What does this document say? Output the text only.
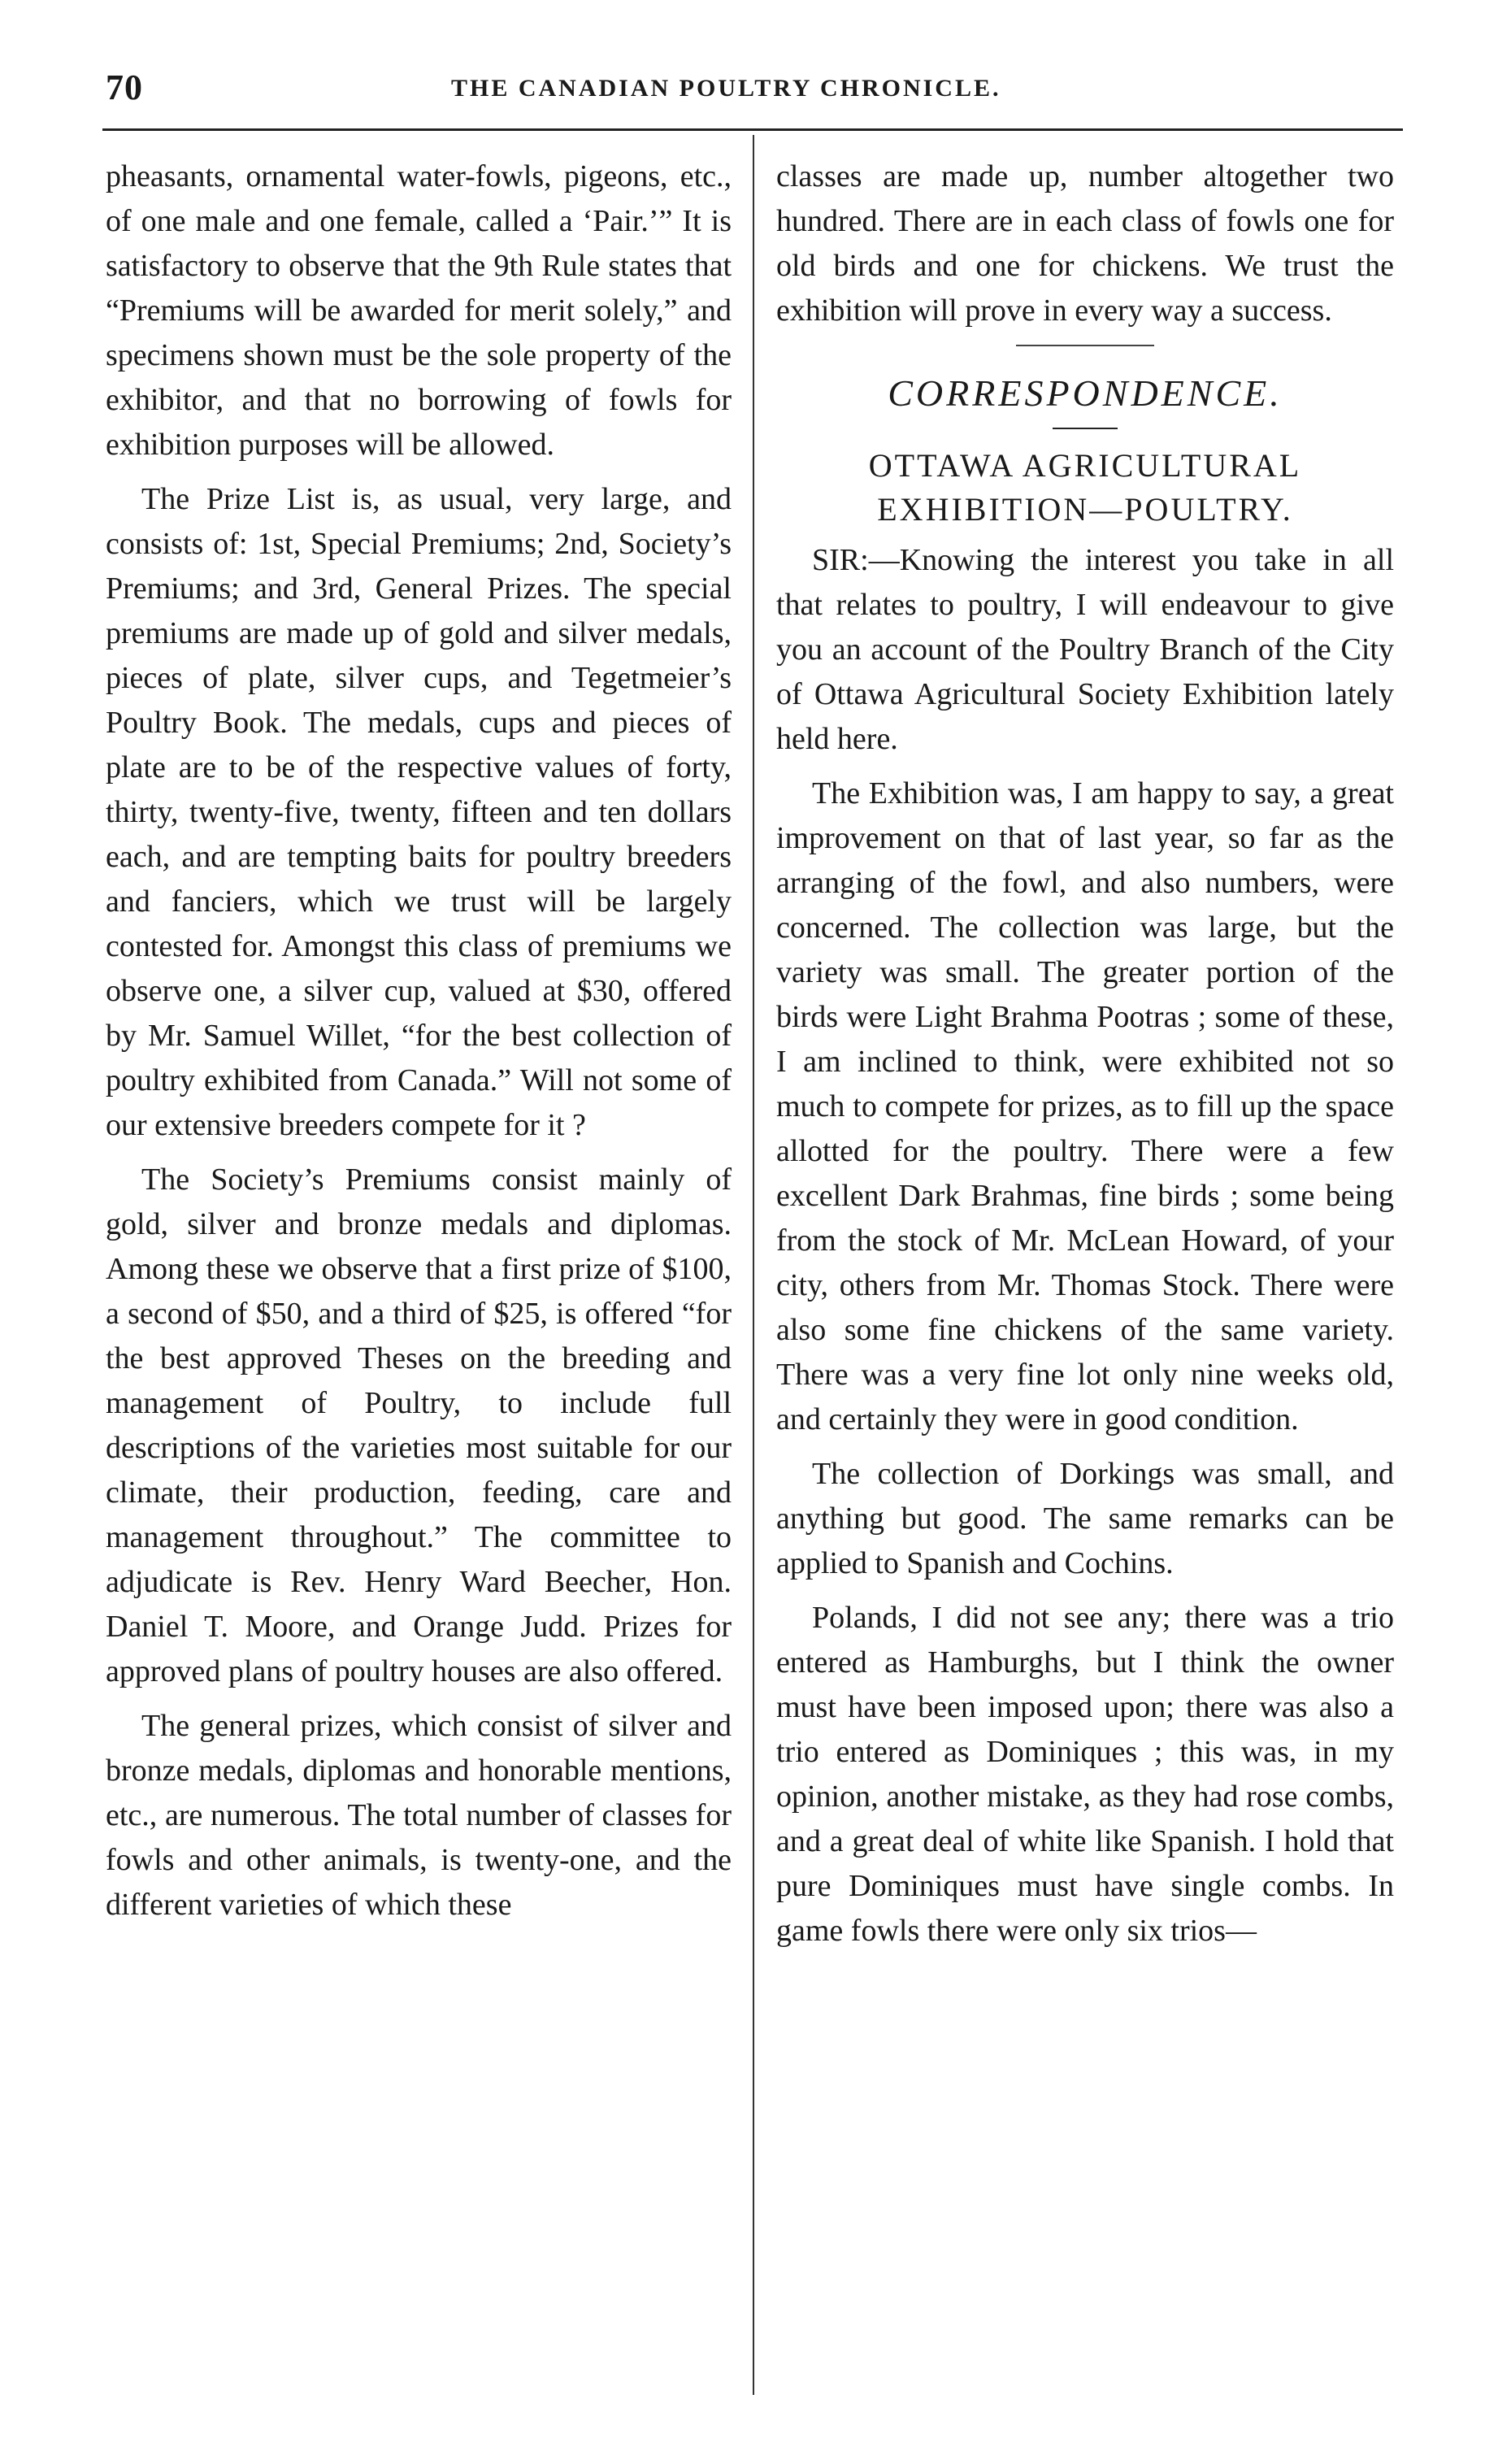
70	THE CANADIAN POULTRY CHRONICLE.

pheasants, ornamental water-fowls, pigeons, etc., of one male and one female, called a ‘Pair.’” It is satisfactory to observe that the 9th Rule states that “Premiums will be awarded for merit solely,” and specimens shown must be the sole property of the exhibitor, and that no borrowing of fowls for exhibition purposes will be allowed.

The Prize List is, as usual, very large, and consists of: 1st, Special Premiums; 2nd, Society’s Premiums; and 3rd, General Prizes. The special premiums are made up of gold and silver medals, pieces of plate, silver cups, and Tegetmeier’s Poultry Book. The medals, cups and pieces of plate are to be of the respective values of forty, thirty, twenty-five, twenty, fifteen and ten dollars each, and are tempting baits for poultry breeders and fanciers, which we trust will be largely contested for. Amongst this class of premiums we observe one, a silver cup, valued at $30, offered by Mr. Samuel Willet, “for the best collection of poultry exhibited from Canada.” Will not some of our extensive breeders compete for it ?

The Society’s Premiums consist mainly of gold, silver and bronze medals and diplomas. Among these we observe that a first prize of $100, a second of $50, and a third of $25, is offered “for the best approved Theses on the breeding and management of Poultry, to include full descriptions of the varieties most suitable for our climate, their production, feeding, care and management throughout.” The committee to adjudicate is Rev. Henry Ward Beecher, Hon. Daniel T. Moore, and Orange Judd. Prizes for approved plans of poultry houses are also offered.

The general prizes, which consist of silver and bronze medals, diplomas and honorable mentions, etc., are numerous. The total number of classes for fowls and other animals, is twenty-one, and the different varieties of which these

classes are made up, number altogether two hundred. There are in each class of fowls one for old birds and one for chickens. We trust the exhibition will prove in every way a success.

CORRESPONDENCE.
OTTAWA AGRICULTURAL EXHIBITION—POULTRY.

SIR:—Knowing the interest you take in all that relates to poultry, I will endeavour to give you an account of the Poultry Branch of the City of Ottawa Agricultural Society Exhibition lately held here.

The Exhibition was, I am happy to say, a great improvement on that of last year, so far as the arranging of the fowl, and also numbers, were concerned. The collection was large, but the variety was small. The greater portion of the birds were Light Brahma Pootras ; some of these, I am inclined to think, were exhibited not so much to compete for prizes, as to fill up the space allotted for the poultry. There were a few excellent Dark Brahmas, fine birds ; some being from the stock of Mr. McLean Howard, of your city, others from Mr. Thomas Stock. There were also some fine chickens of the same variety. There was a very fine lot only nine weeks old, and certainly they were in good condition.

The collection of Dorkings was small, and anything but good. The same remarks can be applied to Spanish and Cochins.

Polands, I did not see any; there was a trio entered as Hamburghs, but I think the owner must have been imposed upon; there was also a trio entered as Dominiques ; this was, in my opinion, another mistake, as they had rose combs, and a great deal of white like Spanish. I hold that pure Dominiques must have single combs. In game fowls there were only six trios—
